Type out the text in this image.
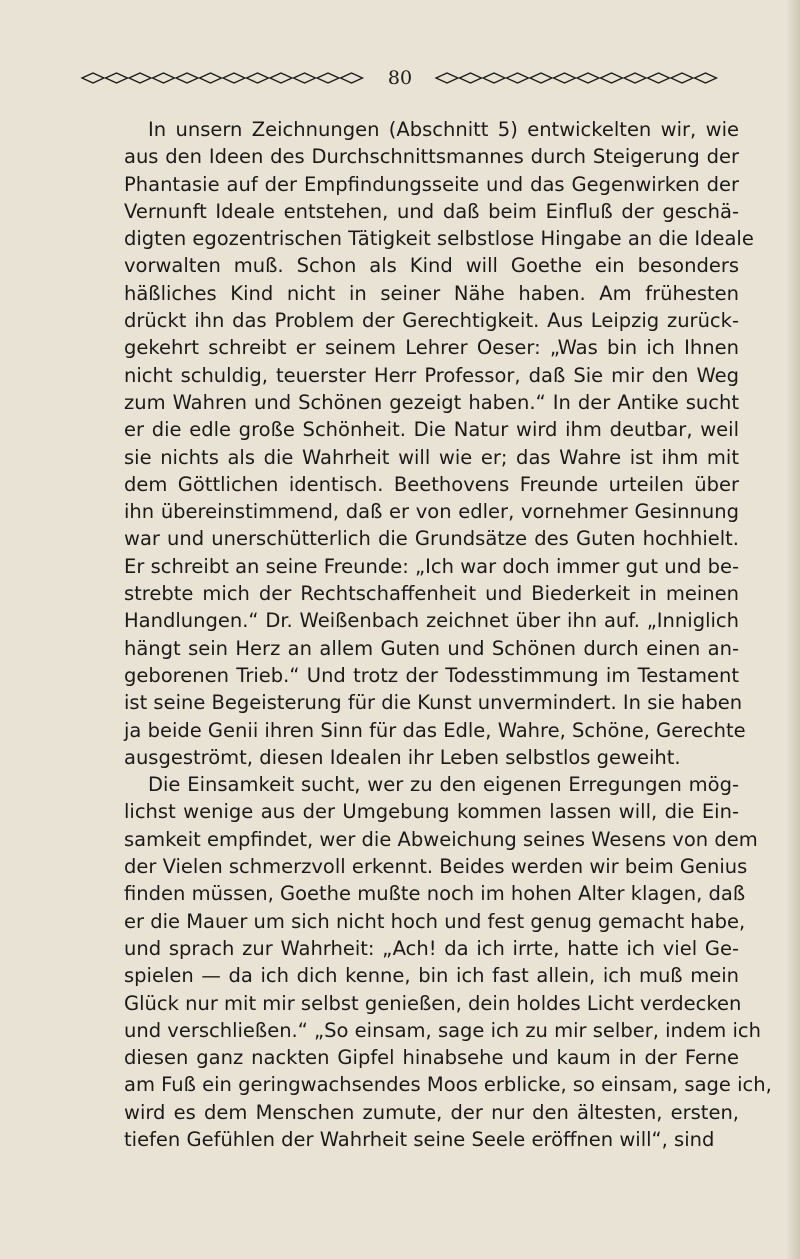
80
In unsern Zeichnungen (Abschnitt 5) entwickelten wir, wie
aus den Ideen des Durchschnittsmannes durch Steigerung der
Phantasie auf der Empfindungsseite und das Gegenwirken der
Vernunft Ideale entstehen, und daß beim Einfluß der geschä-
digten egozentrischen Tätigkeit selbstlose Hingabe an die Ideale
vorwalten muß. Schon als Kind will Goethe ein besonders
häßliches Kind nicht in seiner Nähe haben. Am frühesten
drückt ihn das Problem der Gerechtigkeit. Aus Leipzig zurück-
gekehrt schreibt er seinem Lehrer Oeser: „Was bin ich Ihnen
nicht schuldig, teuerster Herr Professor, daß Sie mir den Weg
zum Wahren und Schönen gezeigt haben.“ In der Antike sucht
er die edle große Schönheit. Die Natur wird ihm deutbar, weil
sie nichts als die Wahrheit will wie er; das Wahre ist ihm mit
dem Göttlichen identisch. Beethovens Freunde urteilen über
ihn übereinstimmend, daß er von edler, vornehmer Gesinnung
war und unerschütterlich die Grundsätze des Guten hochhielt.
Er schreibt an seine Freunde: „Ich war doch immer gut und be-
strebte mich der Rechtschaffenheit und Biederkeit in meinen
Handlungen.“ Dr. Weißenbach zeichnet über ihn auf. „Inniglich
hängt sein Herz an allem Guten und Schönen durch einen an-
geborenen Trieb.“ Und trotz der Todesstimmung im Testament
ist seine Begeisterung für die Kunst unvermindert. In sie haben
ja beide Genii ihren Sinn für das Edle, Wahre, Schöne, Gerechte
ausgeströmt, diesen Idealen ihr Leben selbstlos geweiht.
Die Einsamkeit sucht, wer zu den eigenen Erregungen mög-
lichst wenige aus der Umgebung kommen lassen will, die Ein-
samkeit empfindet, wer die Abweichung seines Wesens von dem
der Vielen schmerzvoll erkennt. Beides werden wir beim Genius
finden müssen, Goethe mußte noch im hohen Alter klagen, daß
er die Mauer um sich nicht hoch und fest genug gemacht habe,
und sprach zur Wahrheit: „Ach! da ich irrte, hatte ich viel Ge-
spielen — da ich dich kenne, bin ich fast allein, ich muß mein
Glück nur mit mir selbst genießen, dein holdes Licht verdecken
und verschließen.“ „So einsam, sage ich zu mir selber, indem ich
diesen ganz nackten Gipfel hinabsehe und kaum in der Ferne
am Fuß ein geringwachsendes Moos erblicke, so einsam, sage ich,
wird es dem Menschen zumute, der nur den ältesten, ersten,
tiefen Gefühlen der Wahrheit seine Seele eröffnen will“, sind
